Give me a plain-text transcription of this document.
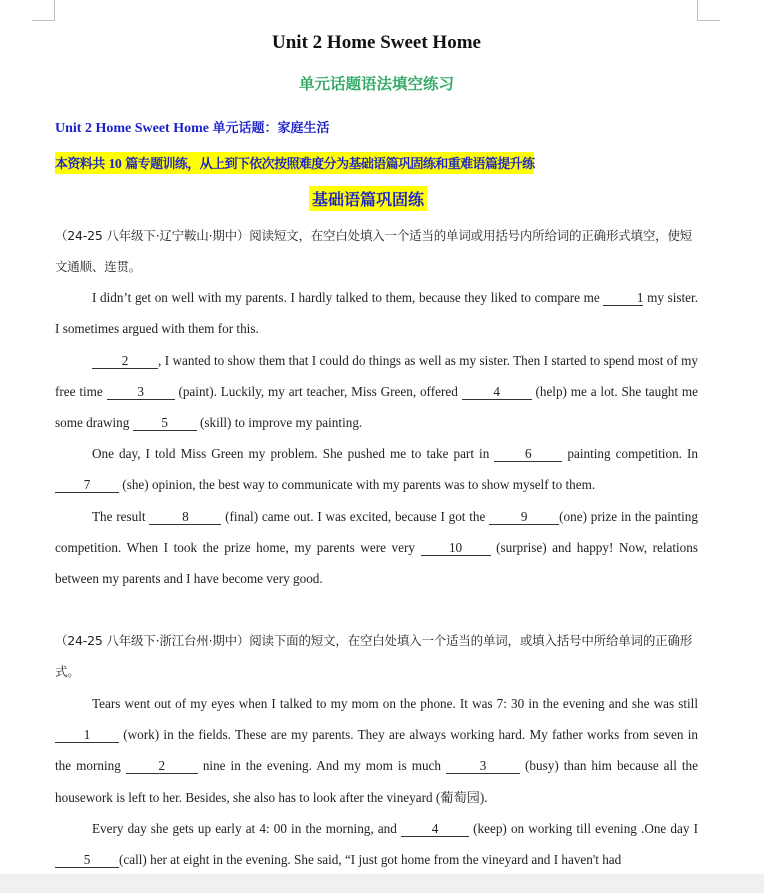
Unit 2 Home Sweet Home
单元话题语法填空练习
Unit 2 Home Sweet Home 单元话题：家庭生活
本资料共 10 篇专题训练，从上到下依次按照难度分为基础语篇巩固练和重难语篇提升练
基础语篇巩固练
（24-25 八年级下·辽宁鞍山·期中）阅读短文，在空白处填入一个适当的单词或用括号内所给词的正确形式填空，使短文通顺、连贯。
I didn’t get on well with my parents. I hardly talked to them, because they liked to compare me	1 my sister. I sometimes argued with them for this.
2 , I wanted to show them that I could do things as well as my sister. Then I started to spend most of my free time 3 (paint). Luckily, my art teacher, Miss Green, offered 4 (help) me a lot. She taught me some drawing 5 (skill) to improve my painting.
One day, I told Miss Green my problem. She pushed me to take part in 6 painting competition. In 7 (she) opinion, the best way to communicate with my parents was to show myself to them.
The result 8 (final) came out. I was excited, because I got the 9 (one) prize in the painting competition. When I took the prize home, my parents were very 10 (surprise) and happy! Now, relations between my parents and I have become very good.
（24-25 八年级下·浙江台州·期中）阅读下面的短文，在空白处填入一个适当的单词，或填入括号中所给单词的正确形式。
Tears went out of my eyes when I talked to my mom on the phone. It was 7: 30 in the evening and she was still 1 (work) in the fields. These are my parents. They are always working hard. My father works from seven in the morning 2 nine in the evening. And my mom is much	3	(busy) than him because all the housework is left to her. Besides, she also has to look after the vineyard (葡萄园).
Every day she gets up early at 4: 00 in the morning, and 4 (keep) on working till evening .One day I 5 (call) her at eight in the evening. She said, “I just got home from the vineyard and I haven't had
